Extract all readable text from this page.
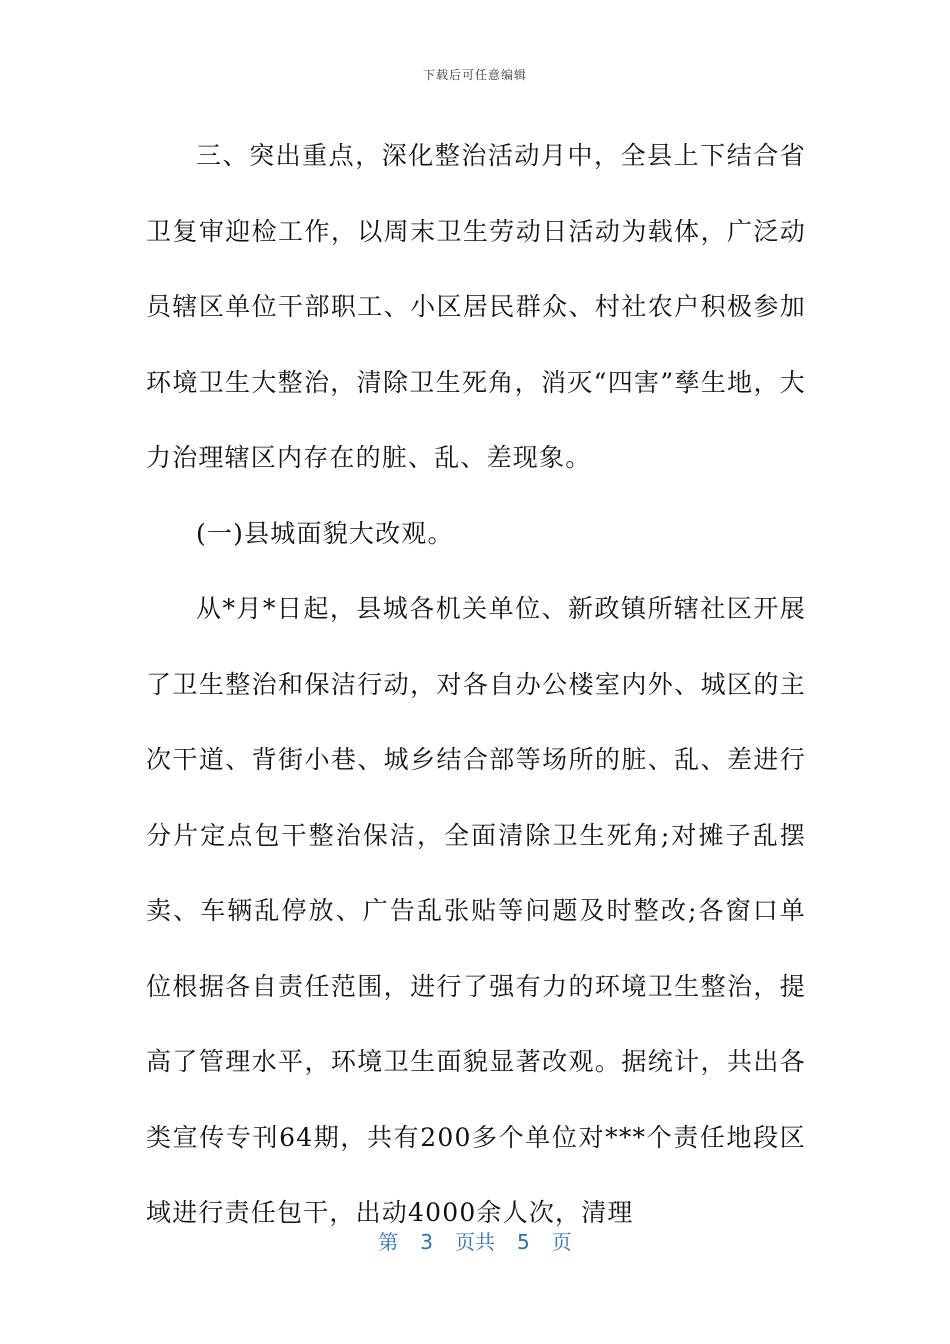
下载后可任意编辑

三、突出重点，深化整治活动月中，全县上下结合省卫复审迎检工作，以周末卫生劳动日活动为载体，广泛动员辖区单位干部职工、小区居民群众、村社农户积极参加环境卫生大整治，清除卫生死角，消灭“四害”孳生地，大力治理辖区内存在的脏、乱、差现象。

(一)县城面貌大改观。

从*月*日起，县城各机关单位、新政镇所辖社区开展了卫生整治和保洁行动，对各自办公楼室内外、城区的主次干道、背街小巷、城乡结合部等场所的脏、乱、差进行分片定点包干整治保洁，全面清除卫生死角;对摊子乱摆卖、车辆乱停放、广告乱张贴等问题及时整改;各窗口单位根据各自责任范围，进行了强有力的环境卫生整治，提高了管理水平，环境卫生面貌显著改观。据统计，共出各类宣传专刊64期，共有200多个单位对***个责任地段区域进行责任包干，出动4000余人次，清理

第 3 页共 5 页
